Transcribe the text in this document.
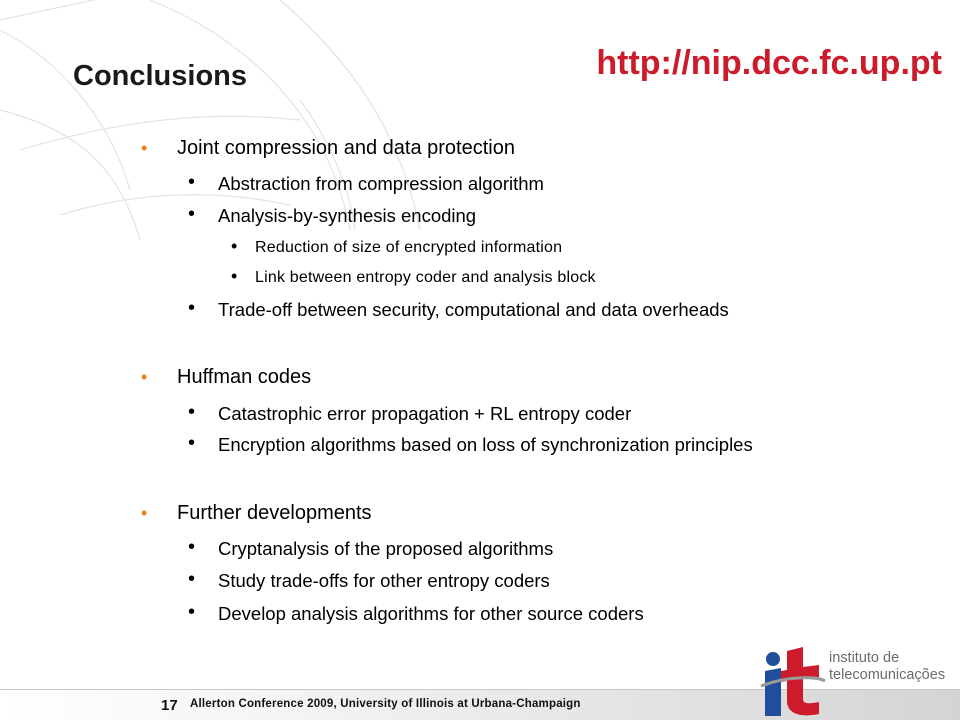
Conclusions	http://nip.dcc.fc.up.pt
• Joint compression and data protection
• Abstraction from compression algorithm
• Analysis-by-synthesis encoding
• Reduction of size of encrypted information
• Link between entropy coder and analysis block
• Trade-off between security, computational and data overheads
• Huffman codes
• Catastrophic error propagation + RL entropy coder
• Encryption algorithms based on loss of synchronization principles
• Further developments
• Cryptanalysis of the proposed algorithms
• Study trade-offs for other entropy coders
• Develop analysis algorithms for other source coders
17 Allerton Conference 2009, University of Illinois at Urbana-Champaign
instituto de
telecomunicações
